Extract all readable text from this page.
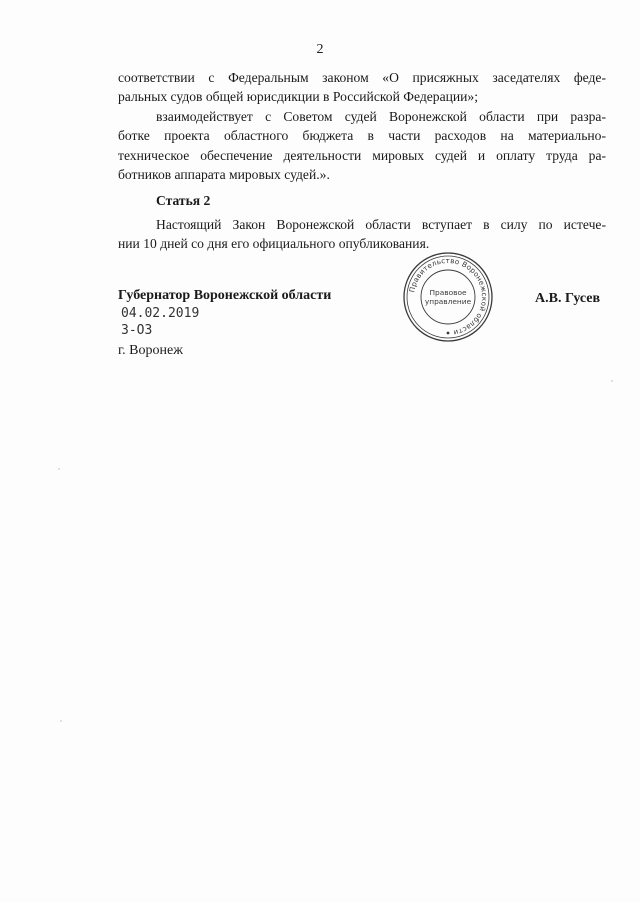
2

соответствии с Федеральным законом «О присяжных заседателях феде-
ральных судов общей юрисдикции в Российской Федерации»;

взаимодействует с Советом судей Воронежской области при разра-
ботке проекта областного бюджета в части расходов на материально-
техническое обеспечение деятельности мировых судей и оплату труда ра-
ботников аппарата мировых судей.».

Статья 2

Настоящий Закон Воронежской области вступает в силу по истече-
нии 10 дней со дня его официального опубликования.

Губернатор Воронежской области	Правительство Воронежской области
Правовое
управление	А.В. Гусев
04.02.2019
3-ОЗ
г. Воронеж
